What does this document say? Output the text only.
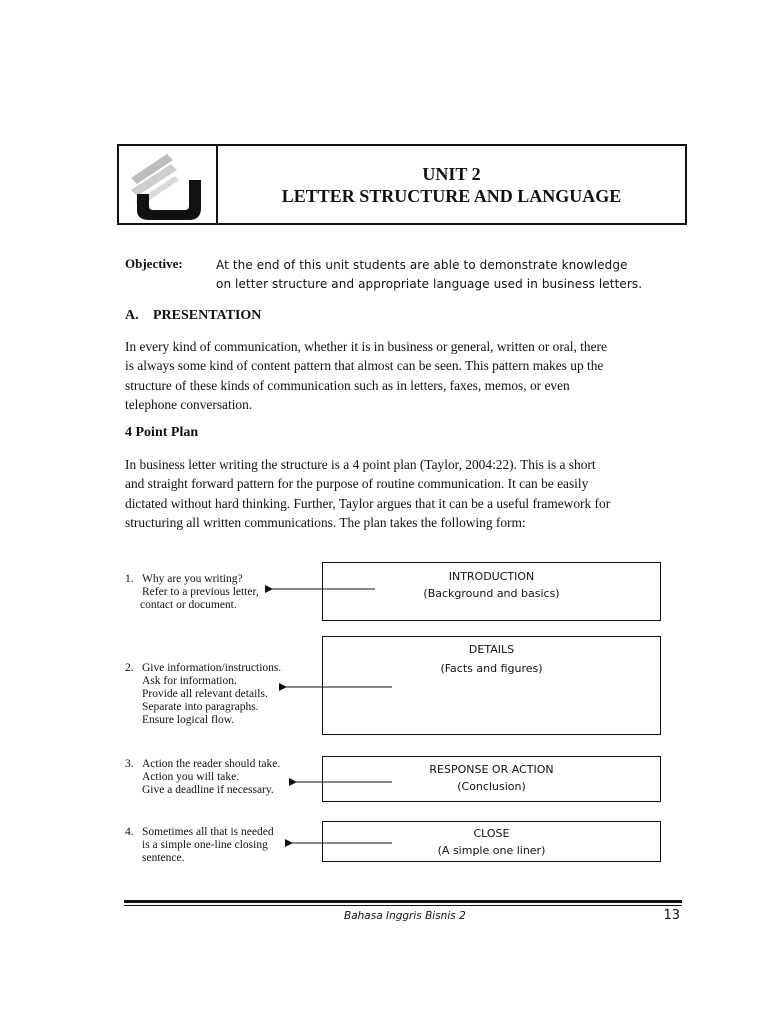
UNIT 2
LETTER STRUCTURE AND LANGUAGE
Objective:	At the end of this unit students are able to demonstrate knowledge
on letter structure and appropriate language used in business letters.
A. PRESENTATION
In every kind of communication, whether it is in business or general, written or oral, there
is always some kind of content pattern that almost can be seen. This pattern makes up the
structure of these kinds of communication such as in letters, faxes, memos, or even
telephone conversation.
4 Point Plan
In business letter writing the structure is a 4 point plan (Taylor, 2004:22). This is a short
and straight forward pattern for the purpose of routine communication. It can be easily
dictated without hard thinking. Further, Taylor argues that it can be a useful framework for
structuring all written communications. The plan takes the following form:
1. Why are you writing?
Refer to a previous letter,
contact or document.
2. Give information/instructions.
Ask for information.
Provide all relevant details.
Separate into paragraphs.
Ensure logical flow.
3. Action the reader should take.
Action you will take.
Give a deadline if necessary.
4. Sometimes all that is needed
is a simple one-line closing
sentence.
INTRODUCTION
(Background and basics)
DETAILS
(Facts and figures)
RESPONSE OR ACTION
(Conclusion)
CLOSE
(A simple one liner)
Bahasa Inggris Bisnis 2	13
